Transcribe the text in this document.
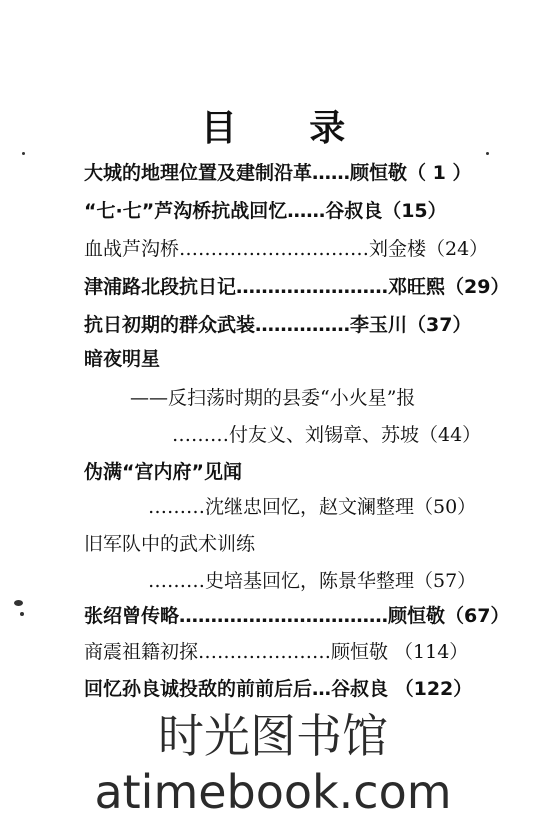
目 录
大城的地理位置及建制沿革……顾恒敬（ 1 ）
“七·七”芦沟桥抗战回忆……谷叔良（15）
血战芦沟桥…………………………刘金楼（24）
津浦路北段抗日记……………………邓旺熙（29）
抗日初期的群众武装……………李玉川（37）
暗夜明星
——反扫荡时期的县委“小火星”报
………付友义、刘锡章、苏坡（44）
伪满“宫内府”见闻
………沈继忠回忆，赵文澜整理（50）
旧军队中的武术训练
………史培基回忆，陈景华整理（57）
张绍曾传略……………………………顾恒敬（67）
商震祖籍初探…………………顾恒敬 （114）
回忆孙良诚投敌的前前后后…谷叔良 （122）
时光图书馆atimebook.com
